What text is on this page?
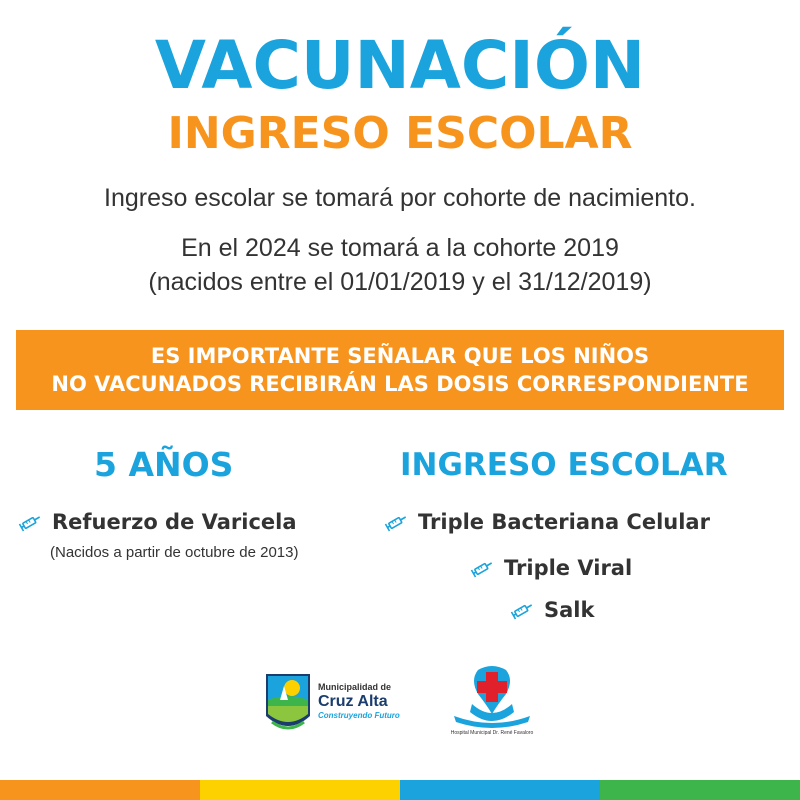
VACUNACIÓN
INGRESO ESCOLAR
Ingreso escolar se tomará por cohorte de nacimiento.
En el 2024 se tomará a la cohorte 2019
(nacidos entre el 01/01/2019 y el 31/12/2019)
ES IMPORTANTE SEÑALAR QUE LOS NIÑOS
NO VACUNADOS RECIBIRÁN LAS DOSIS CORRESPONDIENTE
5 AÑOS	INGRESO ESCOLAR
Refuerzo de Varicela
(Nacidos a partir de octubre de 2013)
Triple Bacteriana Celular
Triple Viral
Salk
Municipalidad de
Cruz Alta
Construyendo Futuro
Hospital Municipal Dr. René Favaloro
